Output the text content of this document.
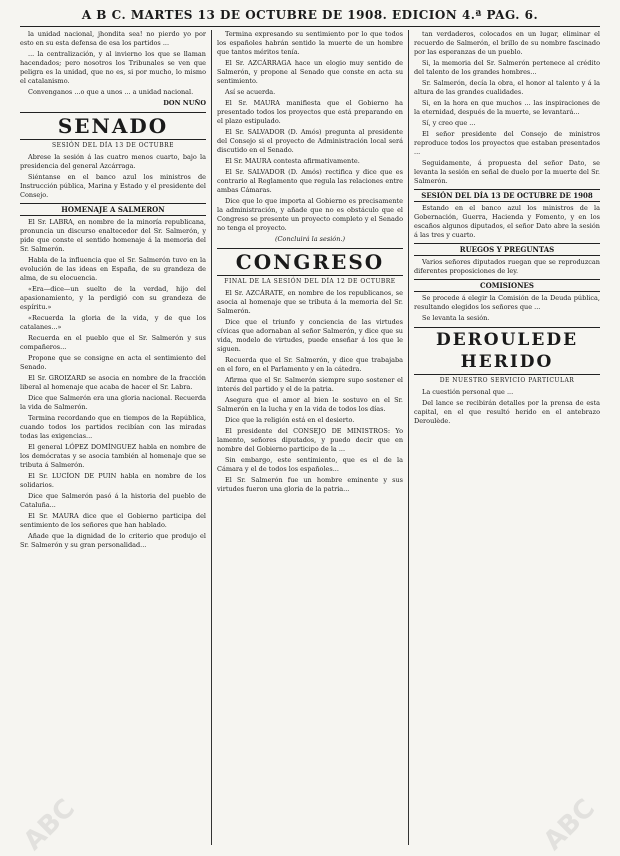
A B C. MARTES 13 DE OCTUBRE DE 1908. EDICION 4.ª PAG. 6.

la unidad nacional, jhondita sea! no pierdo yo por esto en su esta defensa de esa los partidos ...

... la centralización, y al invierno los que se llaman hacendados; pero nosotros los Tribunales se ven que peligra es la unidad, que no es, si por mucho, lo mismo el catalanismo.

Convenganos ...o que a unos ... a unidad nacional.

DON NUÑO
SENADO
SESIÓN DEL DÍA 13 DE OCTUBRE

Abrese la sesión á las cuatro menos cuarto, bajo la presidencia del general Azcárraga.

Siéntanse en el banco azul los ministros de Instrucción pública, Marina y Estado y el presidente del Consejo.

HOMENAJE A SALMERON

El Sr. LABRA, en nombre de la minoría republicana, pronuncia un discurso enaltecedor del Sr. Salmerón, y pide que conste el sentido homenaje á la memoria del Sr. Salmerón.

Habla de la influencia que el Sr. Salmerón tuvo en la evolución de las ideas en España, de su grandeza de alma, de su elocuencia.

«Era—dice—un suelto de la verdad, hijo del apasionamiento, y la perdigió con su grandeza de espíritu.»

«Recuerda la gloria de la vida, y de que los catalanes...»

Recuerda en el pueblo que el Sr. Salmerón y sus compañeros...

Propone que se consigne en acta el sentimiento del Senado.

El Sr. GROIZARD se asocia en nombre de la fracción liberal al homenaje que acaba de hacer el Sr. Labra.

Dice que Salmerón era una gloria nacional. Recuerda la vida de Salmerón.

Termina recordando que en tiempos de la República, cuando todos los partidos recibían con las miradas todas las exigencias...

El general LÓPEZ DOMÍNGUEZ habla en nombre de los demócratas y se asocia también al homenaje que se tributa á Salmerón.

El Sr. LUCÍON DE PUIN habla en nombre de los solidarios.

Dice que Salmerón pasó á la historia del pueblo de Cataluña...

El Sr. MAURA dice que el Gobierno participa del sentimiento de los señores que han hablado.

Añade que la dignidad de lo criterio que produjo el Sr. Salmerón y su gran personalidad...

Termina expresando su sentimiento por lo que todos los españoles habrán sentido la muerte de un hombre que tantos méritos tenía.

El Sr. AZCÁRRAGA hace un elogio muy sentido de Salmerón, y propone al Senado que conste en acta su sentimiento.

Así se acuerda.

El Sr. MAURA manifiesta que el Gobierno ha presentado todos los proyectos que está preparando en el plazo estipulado.

El Sr. SALVADOR (D. Amós) pregunta al presidente del Consejo si el proyecto de Administración local será discutido en el Senado.

El Sr. MAURA contesta afirmativamente.

El Sr. SALVADOR (D. Amós) rectifica y dice que es contrario al Reglamento que regula las relaciones entre ambas Cámaras.

Dice que lo que importa al Gobierno es precisamente la administración, y añade que no es obstáculo que el Congreso se presente un proyecto completo y el Senado no tenga el proyecto.

(Concluirá la sesión.)
CONGRESO
FINAL DE LA SESIÓN DEL DÍA 12 DE OCTUBRE

El Sr. AZCÁRATE, en nombre de los republicanos, se asocia al homenaje que se tributa á la memoria del Sr. Salmerón.

Dice que el triunfo y conciencia de las virtudes cívicas que adornaban al señor Salmerón, y dice que su vida, modelo de virtudes, puede enseñar á los que le siguen.

Recuerda que el Sr. Salmerón, y dice que trabajaba en el foro, en el Parlamento y en la cátedra.

Afirma que el Sr. Salmerón siempre supo sostener el interés del partido y el de la patria.

Asegura que el amor al bien le sostuvo en el Sr. Salmerón en la lucha y en la vida de todos los días.

Dice que la religión está en el desierto.

El presidente del CONSEJO DE MINISTROS: Yo lamento, señores diputados, y puedo decir que en nombre del Gobierno participo de la ...

Sin embargo, este sentimiento, que es el de la Cámara y el de todos los españoles...

El Sr. Salmerón fue un hombre eminente y sus virtudes fueron una gloria de la patria...

tan verdaderos, colocados en un lugar, eliminar el recuerdo de Salmerón, el brillo de su nombre fascinado por las esperanzas de un pueblo.

Si, la memoria del Sr. Salmerón pertenece al crédito del talento de los grandes hombres...

Sr. Salmerón, decía la obra, el honor al talento y á la altura de las grandes cualidades.

Si, en la hora en que muchos ... las inspiraciones de la eternidad, después de la muerte, se levantará...

Sí, y creo que ...

El señor presidente del Consejo de ministros reproduce todos los proyectos que estaban presentados ...

Seguidamente, á propuesta del señor Dato, se levanta la sesión en señal de duelo por la muerte del Sr. Salmerón.

SESIÓN DEL DÍA 13 DE OCTUBRE DE 1908

Estando en el banco azul los ministros de la Gobernación, Guerra, Hacienda y Fomento, y en los escaños algunos diputados, el señor Dato abre la sesión á las tres y cuarto.

RUEGOS Y PREGUNTAS

Varios señores diputados ruegan que se reproduzcan diferentes proposiciones de ley.

COMISIONES

Se procede á elegir la Comisión de la Deuda pública, resultando elegidos los señores que ...

Se levanta la sesión.

DEROULEDE HERIDO
DE NUESTRO SERVICIO PARTICULAR

La cuestión personal que ...

Del lance se recibirán detalles por la prensa de esta capital, en el que resultó herido en el antebrazo Deroulède.

ABC	ABC
